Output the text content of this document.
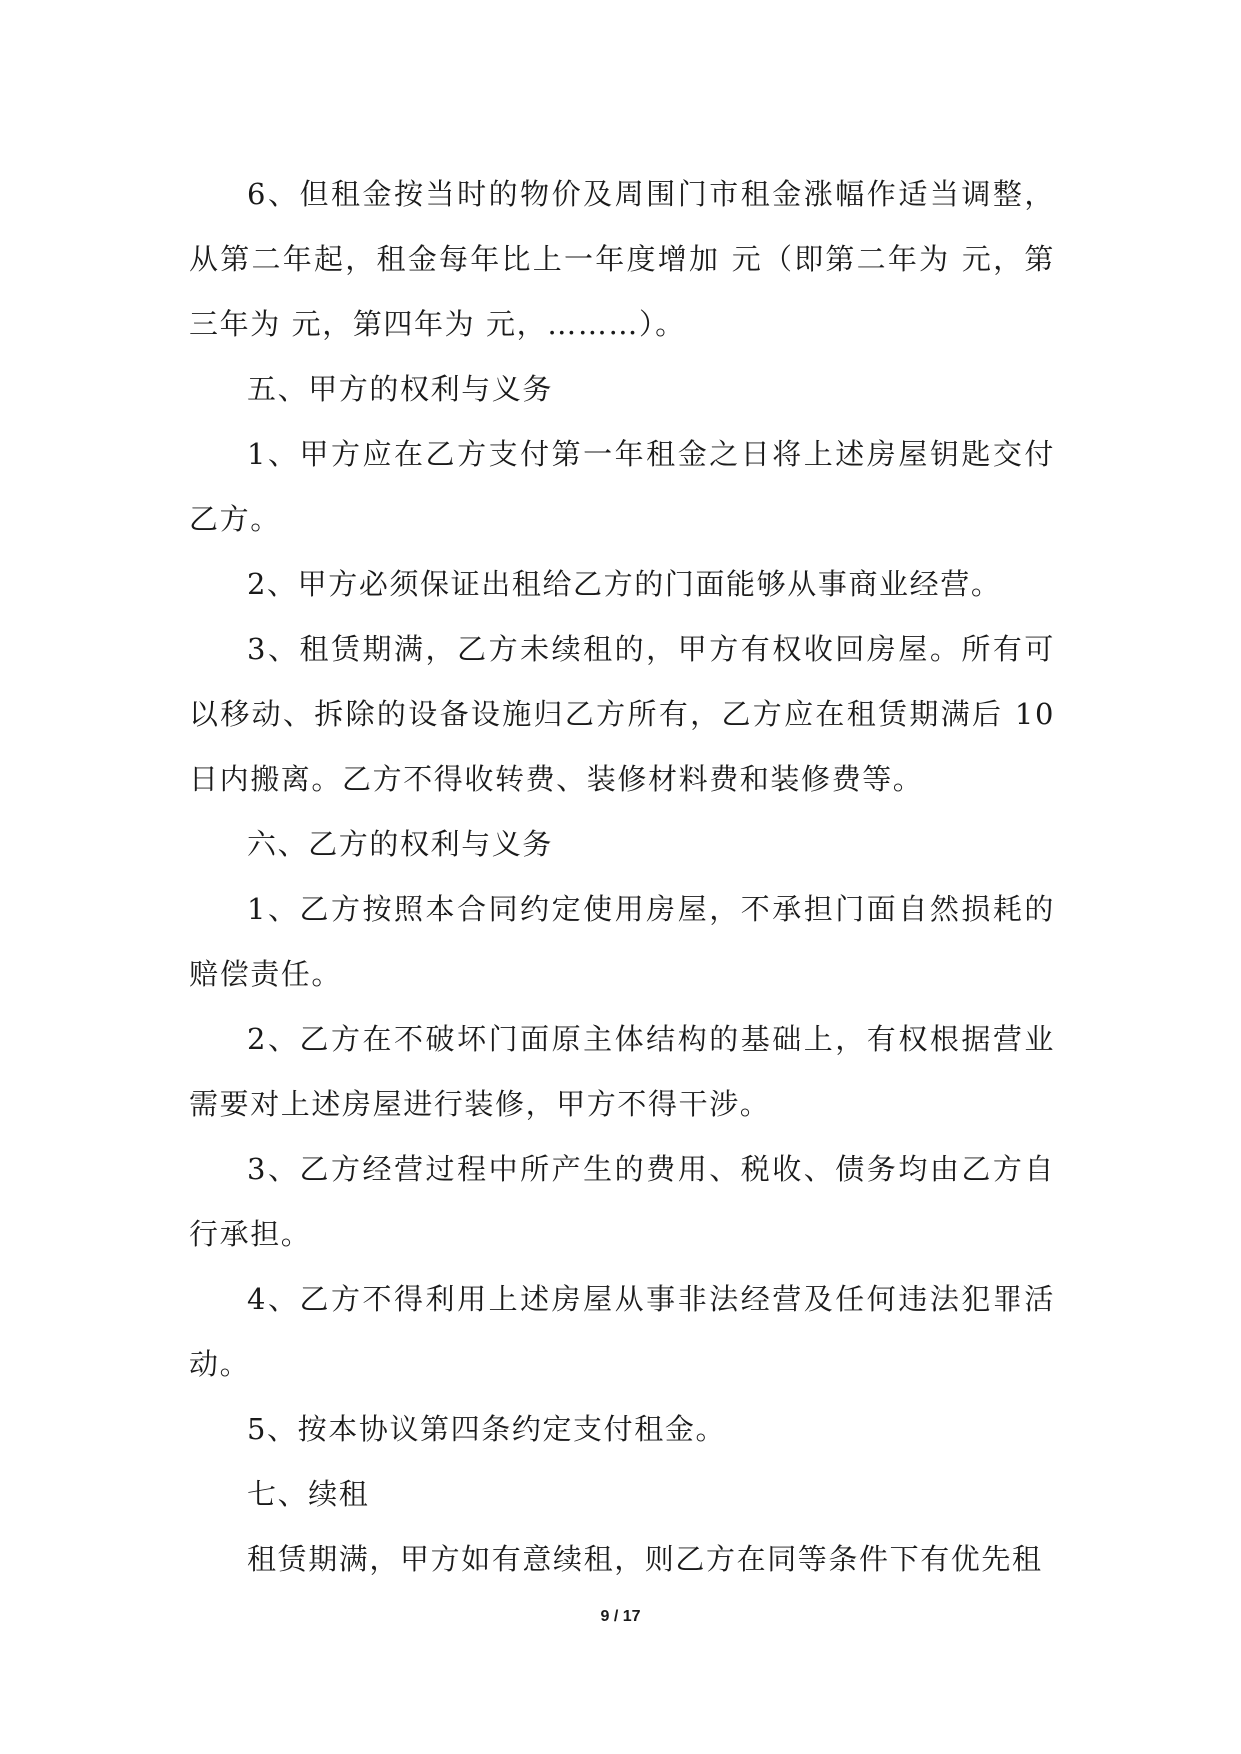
6、但租金按当时的物价及周围门市租金涨幅作适当调整，从第二年起，租金每年比上一年度增加 元（即第二年为 元，第三年为 元，第四年为 元，………）。

五、甲方的权利与义务

1、甲方应在乙方支付第一年租金之日将上述房屋钥匙交付乙方。

2、甲方必须保证出租给乙方的门面能够从事商业经营。

3、租赁期满，乙方未续租的，甲方有权收回房屋。所有可以移动、拆除的设备设施归乙方所有，乙方应在租赁期满后 10 日内搬离。乙方不得收转费、装修材料费和装修费等。

六、乙方的权利与义务

1、乙方按照本合同约定使用房屋，不承担门面自然损耗的赔偿责任。

2、乙方在不破坏门面原主体结构的基础上，有权根据营业需要对上述房屋进行装修，甲方不得干涉。

3、乙方经营过程中所产生的费用、税收、债务均由乙方自行承担。

4、乙方不得利用上述房屋从事非法经营及任何违法犯罪活动。

5、按本协议第四条约定支付租金。

七、续租

租赁期满，甲方如有意续租，则乙方在同等条件下有优先租

9 / 17
